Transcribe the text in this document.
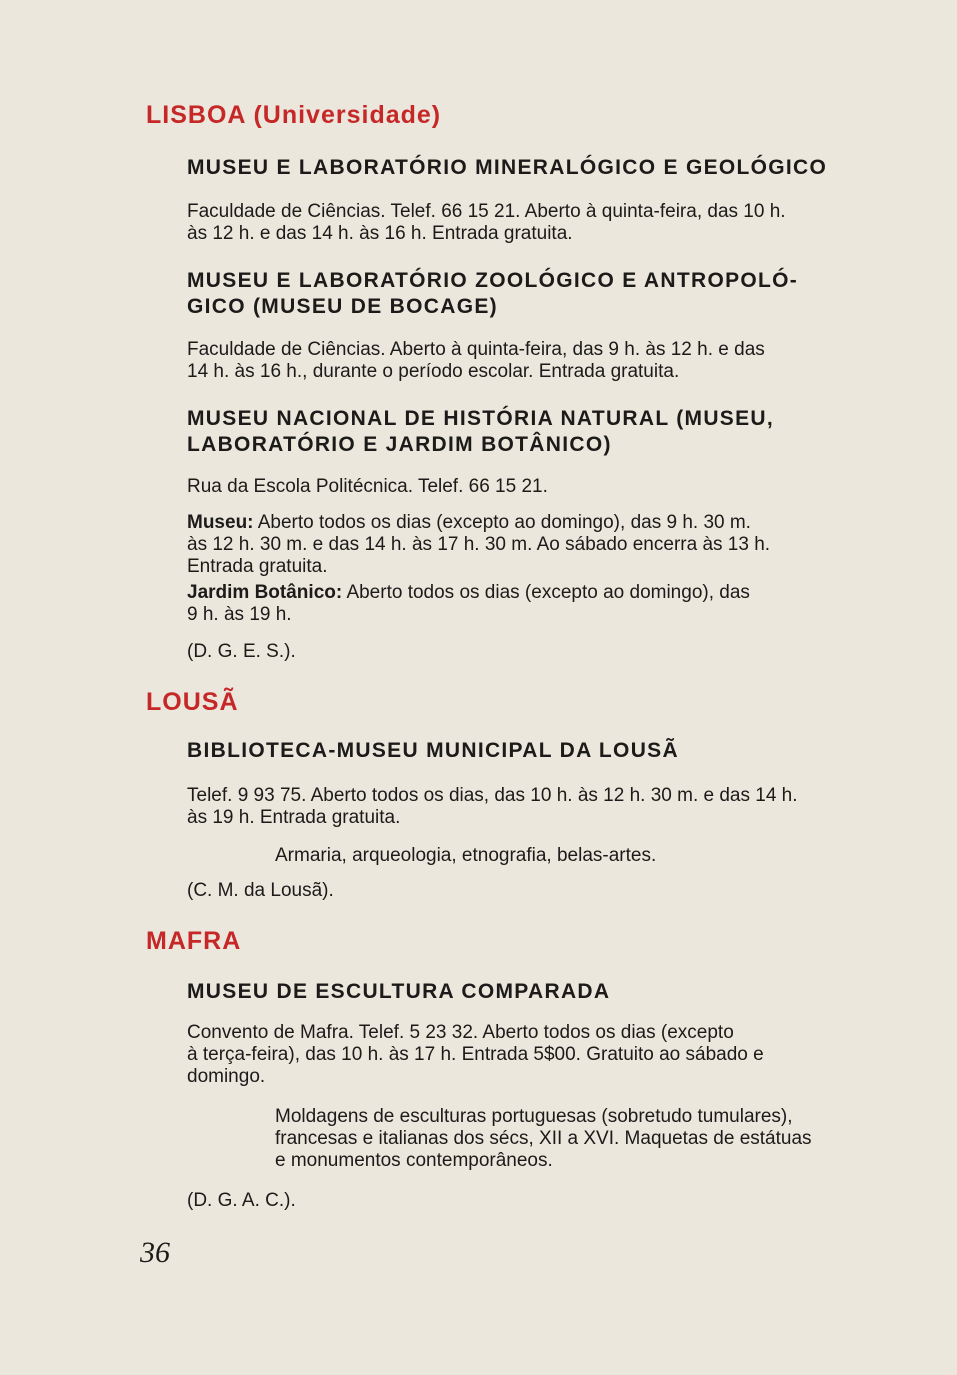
LISBOA (Universidade)
MUSEU E LABORATÓRIO MINERALÓGICO E GEOLÓGICO
Faculdade de Ciências. Telef. 66 15 21. Aberto à quinta-feira, das 10 h.
às 12 h. e das 14 h. às 16 h. Entrada gratuita.
MUSEU E LABORATÓRIO ZOOLÓGICO E ANTROPOLÓ-
GICO (MUSEU DE BOCAGE)
Faculdade de Ciências. Aberto à quinta-feira, das 9 h. às 12 h. e das
14 h. às 16 h., durante o período escolar. Entrada gratuita.
MUSEU NACIONAL DE HISTÓRIA NATURAL (MUSEU,
LABORATÓRIO E JARDIM BOTÂNICO)
Rua da Escola Politécnica. Telef. 66 15 21.
Museu: Aberto todos os dias (excepto ao domingo), das 9 h. 30 m.
às 12 h. 30 m. e das 14 h. às 17 h. 30 m. Ao sábado encerra às 13 h.
Entrada gratuita.
Jardim Botânico: Aberto todos os dias (excepto ao domingo), das
9 h. às 19 h.
(D. G. E. S.).
LOUSÃ
BIBLIOTECA-MUSEU MUNICIPAL DA LOUSÃ
Telef. 9 93 75. Aberto todos os dias, das 10 h. às 12 h. 30 m. e das 14 h.
às 19 h. Entrada gratuita.
Armaria, arqueologia, etnografia, belas-artes.
(C. M. da Lousã).
MAFRA
MUSEU DE ESCULTURA COMPARADA
Convento de Mafra. Telef. 5 23 32. Aberto todos os dias (excepto
à terça-feira), das 10 h. às 17 h. Entrada 5$00. Gratuito ao sábado e
domingo.
Moldagens de esculturas portuguesas (sobretudo tumulares),
francesas e italianas dos sécs, XII a XVI. Maquetas de estátuas
e monumentos contemporâneos.
(D. G. A. C.).
36
